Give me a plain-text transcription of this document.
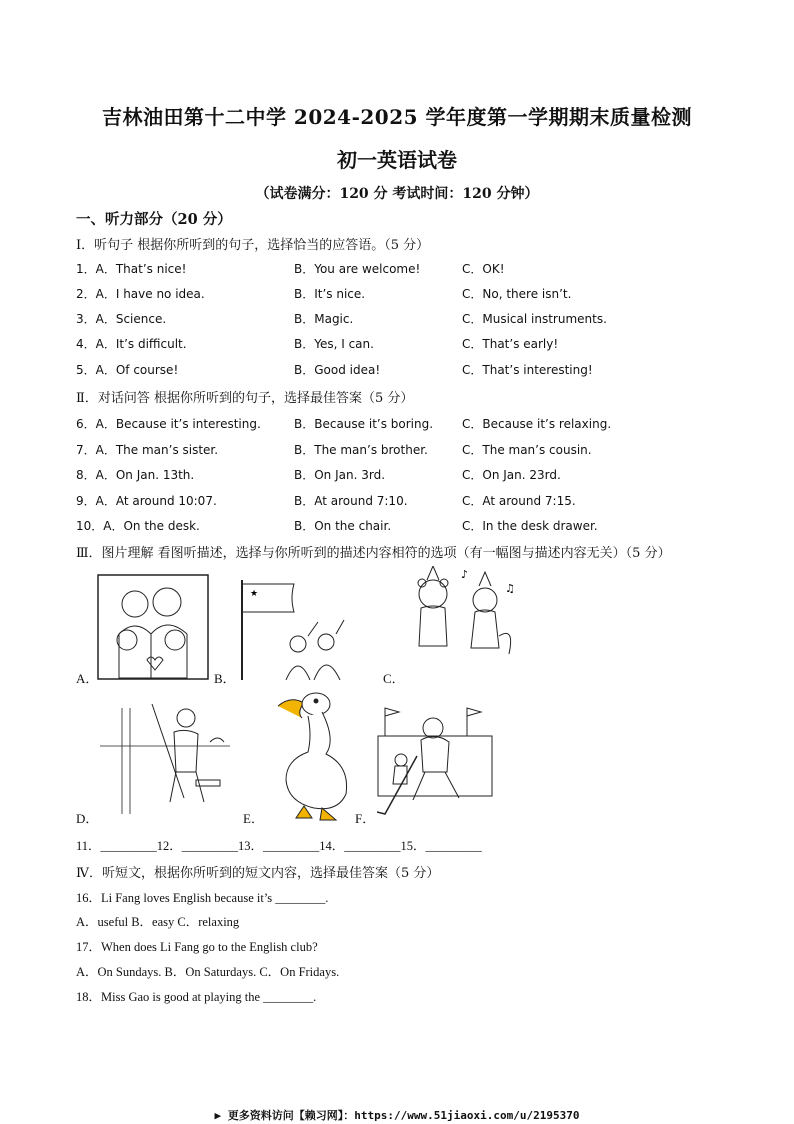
吉林油田第十二中学 2024-2025 学年度第一学期期末质量检测
初一英语试卷
（试卷满分：120 分 考试时间：120 分钟）
一、听力部分（20 分）
Ⅰ．听句子 根据你所听到的句子，选择恰当的应答语。（5 分）
1．A．That’s nice!	B．You are welcome!	C．OK!
2．A．I have no idea.	B．It’s nice.	C．No, there isn’t.
3．A．Science.	B．Magic.	C．Musical instruments.
4．A．It’s difficult.	B．Yes, I can.	C．That’s early!
5．A．Of course!	B．Good idea!	C．That’s interesting!
Ⅱ．对话问答 根据你所听到的句子，选择最佳答案（5 分）
6．A．Because it’s interesting.	B．Because it’s boring. C．Because it’s relaxing.
7．A．The man’s sister.	B．The man’s brother.	C．The man’s cousin.
8．A．On Jan. 13th.	B．On Jan. 3rd.	C．On Jan. 23rd.
9．A．At around 10:07.	B．At around 7:10.	C．At around 7:15.
10．A．On the desk.	B．On the chair.	C．In the desk drawer.
Ⅲ．图片理解 看图听描述，选择与你所听到的描述内容相符的选项（有一幅图与描述内容无关）（5 分）
A．
★
B．
♪
♫
C．
D．	E．	F．
11．_________12．_________13．_________14．_________15．_________
Ⅳ．听短文，根据你所听到的短文内容，选择最佳答案（5 分）
16．Li Fang loves English because it’s ________.
A．useful B．easy C．relaxing
17．When does Li Fang go to the English club?
A．On Sundays. B．On Saturdays. C．On Fridays.
18．Miss Gao is good at playing the ________.
▶ 更多资料访问【赖习网】：https://www.51jiaoxi.com/u/2195370
